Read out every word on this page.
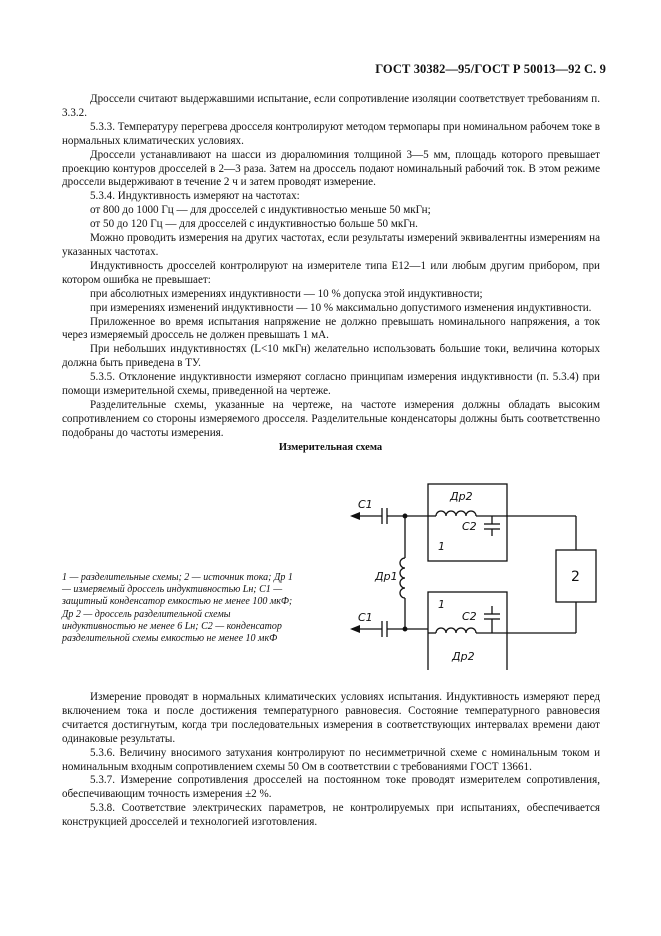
ГОСТ 30382—95/ГОСТ Р 50013—92 С. 9

Дроссели считают выдержавшими испытание, если сопротивление изоляции соответствует требованиям п. 3.3.2.

5.3.3. Температуру перегрева дросселя контролируют методом термопары при номинальном рабочем токе в нормальных климатических условиях.

Дроссели устанавливают на шасси из дюралюминия толщиной 3—5 мм, площадь которого превышает проекцию контуров дросселей в 2—3 раза. Затем на дроссель подают номинальный рабочий ток. В этом режиме дроссели выдерживают в течение 2 ч и затем проводят измерение.

5.3.4. Индуктивность измеряют на частотах:

от 800 до 1000 Гц — для дросселей с индуктивностью меньше 50 мкГн;

от 50 до 120 Гц — для дросселей с индуктивностью больше 50 мкГн.

Можно проводить измерения на других частотах, если результаты измерений эквивалентны измерениям на указанных частотах.

Индуктивность дросселей контролируют на измерителе типа Е12—1 или любым другим прибором, при котором ошибка не превышает:

при абсолютных измерениях индуктивности — 10 % допуска этой индуктивности;

при измерениях изменений индуктивности — 10 % максимально допустимого изменения индуктивности.

Приложенное во время испытания напряжение не должно превышать номинального напряжения, а ток через измеряемый дроссель не должен превышать 1 мА.

При небольших индуктивностях (L<10 мкГн) желательно использовать большие токи, величина которых должна быть приведена в ТУ.

5.3.5. Отклонение индуктивности измеряют согласно принципам измерения индуктивности (п. 5.3.4) при помощи измерительной схемы, приведенной на чертеже.

Разделительные схемы, указанные на чертеже, на частоте измерения должны обладать высоким сопротивлением со стороны измеряемого дросселя. Разделительные конденсаторы должны быть соответственно подобраны до частоты измерения.

Измерительная схема
C1
Др2
C2
1
Др1	2
1
C2
C1
Др2
1 — разделительные схемы; 2 — источник тока; Др 1 — измеряемый дроссель индуктивностью Lн; С1 — защитный конденсатор емкостью не менее 100 мкФ; Др 2 — дроссель разделительной схемы индуктивностью не менее 6 Lн; С2 — конденсатор разделительной схемы емкостью не менее 10 мкФ

Измерение проводят в нормальных климатических условиях испытания. Индуктивность измеряют перед включением тока и после достижения температурного равновесия. Состояние температурного равновесия считается достигнутым, когда три последовательных измерения в соответствующих интервалах времени дают одинаковые результаты.

5.3.6. Величину вносимого затухания контролируют по несимметричной схеме с номинальным током и номинальным входным сопротивлением схемы 50 Ом в соответствии с требованиями ГОСТ 13661.

5.3.7. Измерение сопротивления дросселей на постоянном токе проводят измерителем сопротивления, обеспечивающим точность измерения ±2 %.

5.3.8. Соответствие электрических параметров, не контролируемых при испытаниях, обеспечивается конструкцией дросселей и технологией изготовления.
